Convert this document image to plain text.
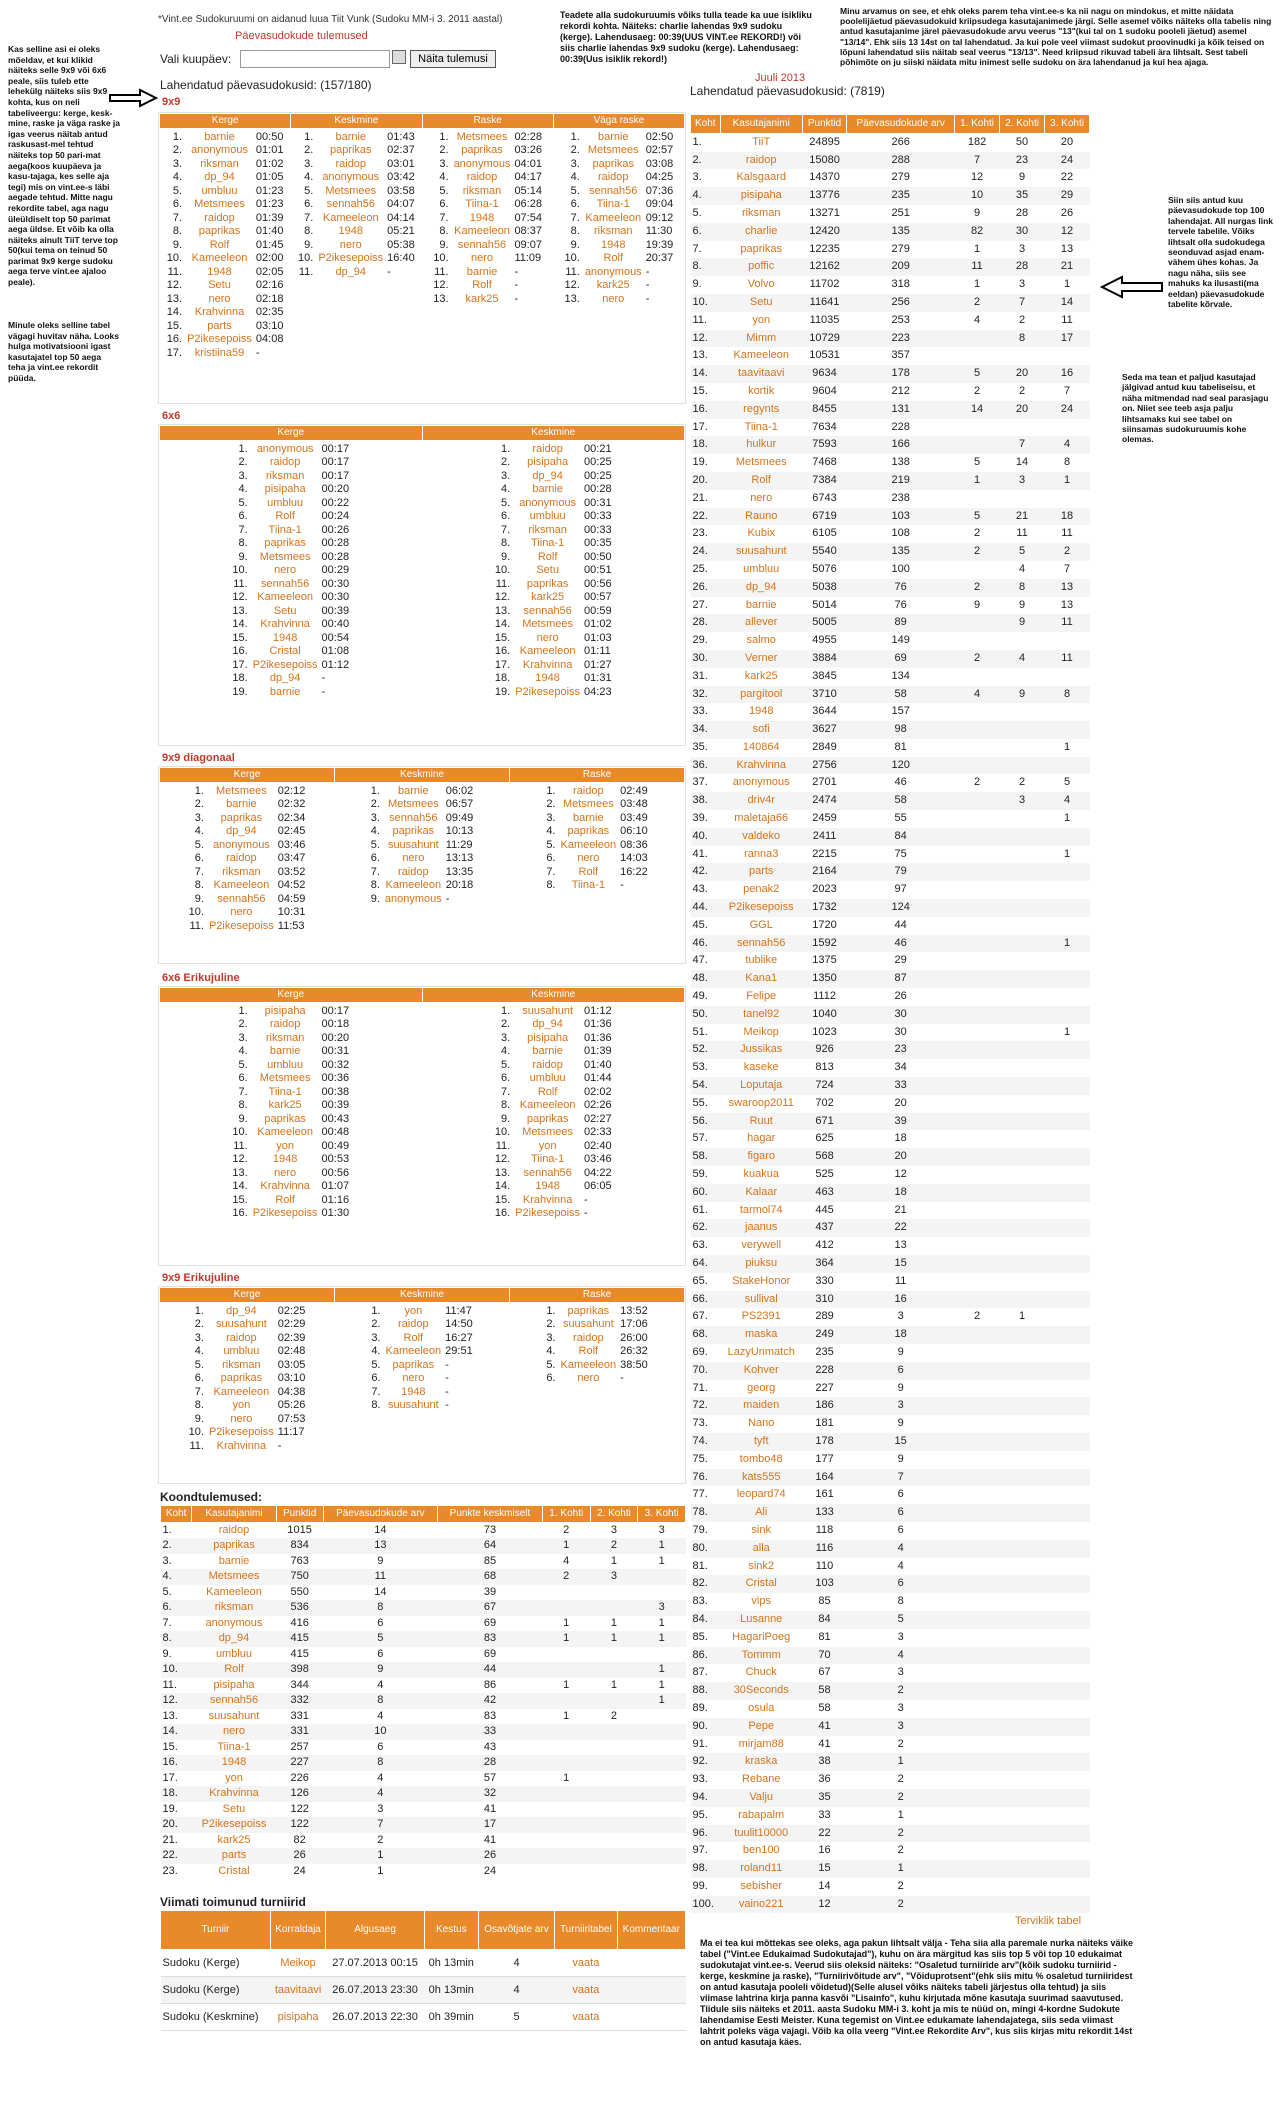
Kas selline asi ei oleks mõeldav, et kui klikid näiteks selle 9x9 või 6x6 peale, siis tuleb ette lehekülg näiteks siis 9x9 kohta, kus on neli tabeliveergu: kerge, kesk-mine, raske ja väga raske ja igas veerus näitab antud raskusast-mel tehtud näiteks top 50 pari-mat aega(koos kuupäeva ja kasu-tajaga, kes selle aja tegi) mis on vint.ee-s läbi aegade tehtud. Mitte nagu rekordite tabel, aga nagu üleüldiselt top 50 parimat aega üldse. Et võib ka olla näiteks ainult TiiT terve top 50(kui tema on teinud 50 parimat 9x9 kerge sudoku aega terve vint.ee ajaloo peale).
Minule oleks selline tabel vägagi huvitav näha. Looks hulga motivatsiooni igast kasutajatel top 50 aega teha ja vint.ee rekordit püüda.
Teadete alla sudokuruumis võiks tulla teade ka uue isikliku rekordi kohta. Näiteks: charlie lahendas 9x9 sudoku (kerge). Lahendusaeg: 00:39(UUS VINT.ee REKORD!) või siis charlie lahendas 9x9 sudoku (kerge). Lahendusaeg: 00:39(Uus isiklik rekord!)
Minu arvamus on see, et ehk oleks parem teha vint.ee-s ka nii nagu on mindokus, et mitte näidata poolelijäetud päevasudokuid kriipsudega kasutajanimede järgi. Selle asemel võiks näiteks olla tabelis ning antud kasutajanime järel päevasudokude arvu veerus "13"(kui tal on 1 sudoku pooleli jäetud) asemel "13/14". Ehk siis 13 14st on tal lahendatud. Ja kui pole veel viimast sudokut proovinudki ja kõik teised on lõpuni lahendatud siis näitab seal veerus "13/13". Need kriipsud rikuvad tabeli ära lihtsalt. Sest tabeli põhimõte on ju siiski näidata mitu inimest selle sudoku on ära lahendanud ja kui hea ajaga.
*Vint.ee Sudokuruumi on aidanud luua Tiit Vunk (Sudoku MM-i 3. 2011 aastal)
Päevasudokude tulemused
Vali kuupäev:	Näita tulemusi
Lahendatud päevasudokusid: (157/180)	Lahendatud päevasudokusid: (7819)
Juuli 2013
9x9
Kerge	Keskmine	Raske	Väga raske

1.	barnie	00:50
2.	anonymous	01:01
3.	riksman	01:02
4.	dp_94	01:05
5.	umbluu	01:23
6.	Metsmees	01:23
7.	raidop	01:39
8.	paprikas	01:40
9.	Rolf	01:45
10.	Kameeleon	02:00
11.	1948	02:05
12.	Setu	02:16
13.	nero	02:18
14.	Krahvinna	02:35
15.	parts	03:10
16.	P2ikesepoiss	04:08
17.	kristiina59	-

1.	barnie	01:43
2.	paprikas	02:37
3.	raidop	03:01
4.	anonymous	03:42
5.	Metsmees	03:58
6.	sennah56	04:07
7.	Kameeleon	04:14
8.	1948	05:21
9.	nero	05:38
10.	P2ikesepoiss	16:40
11.	dp_94	-

1.	Metsmees	02:28
2.	paprikas	03:26
3.	anonymous	04:01
4.	raidop	04:17
5.	riksman	05:14
6.	Tiina-1	06:28
7.	1948	07:54
8.	Kameeleon	08:37
9.	sennah56	09:07
10.	nero	11:09
11.	barnie	-
12.	Rolf	-
13.	kark25	-

1.	barnie	02:50
2.	Metsmees	02:57
3.	paprikas	03:08
4.	raidop	04:25
5.	sennah56	07:36
6.	Tiina-1	09:04
7.	Kameeleon	09:12
8.	riksman	11:30
9.	1948	19:39
10.	Rolf	20:37
11.	anonymous	-
12.	kark25	-
13.	nero	-
6x6
Kerge	Keskmine

1.	anonymous	00:17
2.	raidop	00:17
3.	riksman	00:17
4.	pisipaha	00:20
5.	umbluu	00:22
6.	Rolf	00:24
7.	Tiina-1	00:26
8.	paprikas	00:28
9.	Metsmees	00:28
10.	nero	00:29
11.	sennah56	00:30
12.	Kameeleon	00:30
13.	Setu	00:39
14.	Krahvinna	00:40
15.	1948	00:54
16.	Cristal	01:08
17.	P2ikesepoiss	01:12
18.	dp_94	-
19.	barnie	-

1.	raidop	00:21
2.	pisipaha	00:25
3.	dp_94	00:25
4.	barnie	00:28
5.	anonymous	00:31
6.	umbluu	00:33
7.	riksman	00:33
8.	Tiina-1	00:35
9.	Rolf	00:50
10.	Setu	00:51
11.	paprikas	00:56
12.	kark25	00:57
13.	sennah56	00:59
14.	Metsmees	01:02
15.	nero	01:03
16.	Kameeleon	01:11
17.	Krahvinna	01:27
18.	1948	01:31
19.	P2ikesepoiss	04:23
9x9 diagonaal
Kerge	Keskmine	Raske

1.	Metsmees	02:12
2.	barnie	02:32
3.	paprikas	02:34
4.	dp_94	02:45
5.	anonymous	03:46
6.	raidop	03:47
7.	riksman	03:52
8.	Kameeleon	04:52
9.	sennah56	04:59
10.	nero	10:31
11.	P2ikesepoiss	11:53

1.	barnie	06:02
2.	Metsmees	06:57
3.	sennah56	09:49
4.	paprikas	10:13
5.	suusahunt	11:29
6.	nero	13:13
7.	raidop	13:35
8.	Kameeleon	20:18
9.	anonymous	-

1.	raidop	02:49
2.	Metsmees	03:48
3.	barnie	03:49
4.	paprikas	06:10
5.	Kameeleon	08:36
6.	nero	14:03
7.	Rolf	16:22
8.	Tiina-1	-
6x6 Erikujuline
Kerge	Keskmine

1.	pisipaha	00:17
2.	raidop	00:18
3.	riksman	00:20
4.	barnie	00:31
5.	umbluu	00:32
6.	Metsmees	00:36
7.	Tiina-1	00:38
8.	kark25	00:39
9.	paprikas	00:43
10.	Kameeleon	00:48
11.	yon	00:49
12.	1948	00:53
13.	nero	00:56
14.	Krahvinna	01:07
15.	Rolf	01:16
16.	P2ikesepoiss	01:30

1.	suusahunt	01:12
2.	dp_94	01:36
3.	pisipaha	01:36
4.	barnie	01:39
5.	raidop	01:40
6.	umbluu	01:44
7.	Rolf	02:02
8.	Kameeleon	02:26
9.	paprikas	02:27
10.	Metsmees	02:33
11.	yon	02:40
12.	Tiina-1	03:46
13.	sennah56	04:22
14.	1948	06:05
15.	Krahvinna	-
16.	P2ikesepoiss	-
9x9 Erikujuline
Kerge	Keskmine	Raske

1.	dp_94	02:25
2.	suusahunt	02:29
3.	raidop	02:39
4.	umbluu	02:48
5.	riksman	03:05
6.	paprikas	03:10
7.	Kameeleon	04:38
8.	yon	05:26
9.	nero	07:53
10.	P2ikesepoiss	11:17
11.	Krahvinna	-

1.	yon	11:47
2.	raidop	14:50
3.	Rolf	16:27
4.	Kameeleon	29:51
5.	paprikas	-
6.	nero	-
7.	1948	-
8.	suusahunt	-

1.	paprikas	13:52
2.	suusahunt	17:06
3.	raidop	26:00
4.	Rolf	26:32
5.	Kameeleon	38:50
6.	nero	-
Koondtulemused:
Koht	Kasutajanimi	Punktid	Päevasudokude arv	Punkte keskmiselt	1. Kohti	2. Kohti	3. Kohti
1.	raidop	1015	14	73	2	3	3
2.	paprikas	834	13	64	1	2	1
3.	barnie	763	9	85	4	1	1
4.	Metsmees	750	11	68	2	3	
5.	Kameeleon	550	14	39			
6.	riksman	536	8	67			3
7.	anonymous	416	6	69	1	1	1
8.	dp_94	415	5	83	1	1	1
9.	umbluu	415	6	69			
10.	Rolf	398	9	44			1
11.	pisipaha	344	4	86	1	1	1
12.	sennah56	332	8	42			1
13.	suusahunt	331	4	83	1	2	
14.	nero	331	10	33			
15.	Tiina-1	257	6	43			
16.	1948	227	8	28			
17.	yon	226	4	57	1		
18.	Krahvinna	126	4	32			
19.	Setu	122	3	41			
20.	P2ikesepoiss	122	7	17			
21.	kark25	82	2	41			
22.	parts	26	1	26			
23.	Cristal	24	1	24			
Viimati toimunud turniirid
Turniir	Korraldaja	Algusaeg	Kestus	Osavõtjate arv	Turniiritabel	Kommentaar
Sudoku (Kerge)	Meikop	27.07.2013 00:15	0h 13min	4	vaata	
Sudoku (Kerge)	taavitaavi	26.07.2013 23:30	0h 13min	4	vaata	
Sudoku (Keskmine)	pisipaha	26.07.2013 22:30	0h 39min	5	vaata	
Koht	Kasutajanimi	Punktid	Päevasudokude arv	1. Kohti	2. Kohti	3. Kohti
1.	TiiT	24895	266	182	50	20
2.	raidop	15080	288	7	23	24
3.	Kalsgaard	14370	279	12	9	22
4.	pisipaha	13776	235	10	35	29
5.	riksman	13271	251	9	28	26
6.	charlie	12420	135	82	30	12
7.	paprikas	12235	279	1	3	13
8.	poffic	12162	209	11	28	21
9.	Volvo	11702	318	1	3	1
10.	Setu	11641	256	2	7	14
11.	yon	11035	253	4	2	11
12.	Mimm	10729	223		8	17
13.	Kameeleon	10531	357			
14.	taavitaavi	9634	178	5	20	16
15.	kortik	9604	212	2	2	7
16.	regynts	8455	131	14	20	24
17.	Tiina-1	7634	228			
18.	hulkur	7593	166		7	4
19.	Metsmees	7468	138	5	14	8
20.	Rolf	7384	219	1	3	1
21.	nero	6743	238			
22.	Rauno	6719	103	5	21	18
23.	Kubix	6105	108	2	11	11
24.	suusahunt	5540	135	2	5	2
25.	umbluu	5076	100		4	7
26.	dp_94	5038	76	2	8	13
27.	barnie	5014	76	9	9	13
28.	allever	5005	89		9	11
29.	salmo	4955	149			
30.	Verner	3884	69	2	4	11
31.	kark25	3845	134			
32.	pargitool	3710	58	4	9	8
33.	1948	3644	157			
34.	sofi	3627	98			
35.	140864	2849	81			1
36.	Krahvinna	2756	120			
37.	anonymous	2701	46	2	2	5
38.	driv4r	2474	58		3	4
39.	maletaja66	2459	55			1
40.	valdeko	2411	84			
41.	ranna3	2215	75			1
42.	parts	2164	79			
43.	penak2	2023	97			
44.	P2ikesepoiss	1732	124			
45.	GGL	1720	44			
46.	sennah56	1592	46			1
47.	tublike	1375	29			
48.	Kana1	1350	87			
49.	Felipe	1112	26			
50.	tanel92	1040	30			
51.	Meikop	1023	30			1
52.	Jussikas	926	23			
53.	kaseke	813	34			
54.	Loputaja	724	33			
55.	swaroop2011	702	20			
56.	Ruut	671	39			
57.	hagar	625	18			
58.	figaro	568	20			
59.	kuakua	525	12			
60.	Kalaar	463	18			
61.	tarmol74	445	21			
62.	jaanus	437	22			
63.	verywell	412	13			
64.	piuksu	364	15			
65.	StakeHonor	330	11			
66.	sullival	310	16			
67.	PS2391	289	3	2	1	
68.	maska	249	18			
69.	LazyUnmatch	235	9			
70.	Kohver	228	6			
71.	georg	227	9			
72.	maiden	186	3			
73.	Nano	181	9			
74.	tyft	178	15			
75.	tombo48	177	9			
76.	kats555	164	7			
77.	leopard74	161	6			
78.	Ali	133	6			
79.	sink	118	6			
80.	alla	116	4			
81.	sink2	110	4			
82.	Cristal	103	6			
83.	vips	85	8			
84.	Lusanne	84	5			
85.	HagariPoeg	81	3			
86.	Tommm	70	4			
87.	Chuck	67	3			
88.	30Seconds	58	2			
89.	osula	58	3			
90.	Pepe	41	3			
91.	mirjam88	41	2			
92.	kraska	38	1			
93.	Rebane	36	2			
94.	Valju	35	2			
95.	rabapalm	33	1			
96.	tuulit10000	22	2			
97.	ben100	16	2			
98.	roland11	15	1			
99.	sebisher	14	2			
100.	vaino221	12	2			
Terviklik tabel
Siin siis antud kuu päevasudokude top 100 lahendajat. All nurgas link tervele tabelile. Võiks lihtsalt olla sudokudega seonduvad asjad enam-vähem ühes kohas. Ja nagu näha, siis see mahuks ka ilusasti(ma eeldan) päevasudokude tabelite kõrvale.
Seda ma tean et paljud kasutajad jälgivad antud kuu tabeliseisu, et näha mitmendad nad seal parasjagu on. Niiet see teeb asja palju lihtsamaks kui see tabel on siinsamas sudokuruumis kohe olemas.
Ma ei tea kui mõttekas see oleks, aga pakun lihtsalt välja - Teha siia alla paremale nurka näiteks väike tabel ("Vint.ee Edukaimad Sudokutajad"), kuhu on ära märgitud kas siis top 5 või top 10 edukaimat sudokutajat vint.ee-s. Veerud siis oleksid näiteks: "Osaletud turniiride arv"(kõik sudoku turniirid - kerge, keskmine ja raske), "Turniirivõitude arv", "Võiduprotsent"(ehk siis mitu % osaletud turniiridest on antud kasutaja pooleli võidetud)(Selle alusel võiks näiteks tabeli järjestus olla tehtud) ja siis viimase lahtrina kirja panna kasvõi "Lisainfo", kuhu kirjutada mõne kasutaja suurimad saavutused. Tiidule siis näiteks et 2011. aasta Sudoku MM-i 3. koht ja mis te nüüd on, mingi 4-kordne Sudokute lahendamise Eesti Meister. Kuna tegemist on Vint.ee edukamate lahendajatega, siis seda viimast lahtrit poleks väga vajagi. Võib ka olla veerg "Vint.ee Rekordite Arv", kus siis kirjas mitu rekordit 14st on antud kasutaja käes.
